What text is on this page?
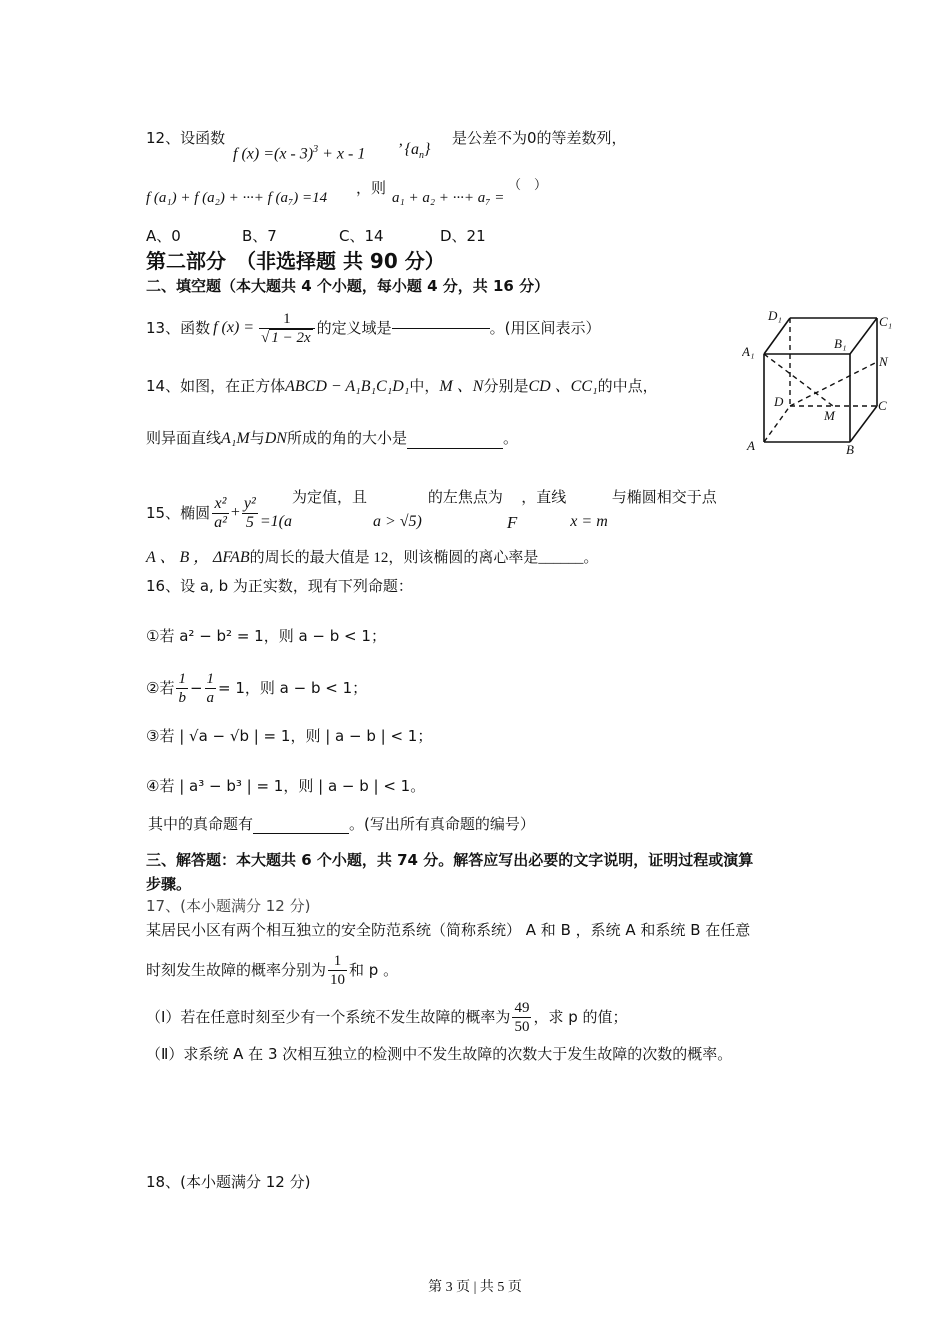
12、设函数
f (x) =(x - 3)$^3$ + x - 1 ’ $\{a_n\}$
是公差不为0的等差数列，
f (a₁) + f (a₂) + ···+ f (a₇) =14
，则
a₁ + a₂ + ···+ a₇ =
（　）
A、0	B、7	C、14	D、21
第二部分　（非选择题 共 90 分）
二、填空题（本大题共 4 个小题，每小题 4 分，共 16 分）
13、函数 f $(x) = \frac{1}{√ 1 - 2x}$ 的定义域是	。(用区间表示）
14、如图，在正方体ABCD − A₁B₁C₁D₁中，M 、N分别是CD 、CC₁的中点，
则异面直线A₁M与DN所成的角的大小是	。
D₁	C₁
A₁
B₁
N
D
M
C
A	B
15、椭圆 $\frac{\text{x²}}{\text{a²}} + \frac{\text{y²}}{5} =1(a$
为定值，且
a > √5)
的左焦点为
F
，直线
x = m
与椭圆相交于点
A 、 B ， ΔFAB的周长的最大值是 12，则该椭圆的离心率是______。
16、设 a, b 为正实数，现有下列命题：
①若 a² − b² = 1，则 a − b < 1；
②若 $\frac{1}{b} - \frac{1}{a} = 1$，则 a − b < 1；
③若 | √a − √b | = 1，则 | a − b | < 1；
④若 | a³ − b³ | = 1，则 | a − b | < 1。
其中的真命题有	。(写出所有真命题的编号）
三、解答题：本大题共 6 个小题，共 74 分。解答应写出必要的文字说明，证明过程或演算
步骤。
17、(本小题满分 12 分)
某居民小区有两个相互独立的安全防范系统（简称系统） A 和 B ，系统 A 和系统 B 在任意
时刻发生故障的概率分别为 $\frac{1}{10}$ 和 p 。
（Ⅰ）若在任意时刻至少有一个系统不发生故障的概率为 $\frac{49}{50}$ ，求 p 的值；
（Ⅱ）求系统 A 在 3 次相互独立的检测中不发生故障的次数大于发生故障的次数的概率。
18、(本小题满分 12 分)
第 3 页 | 共 5 页
